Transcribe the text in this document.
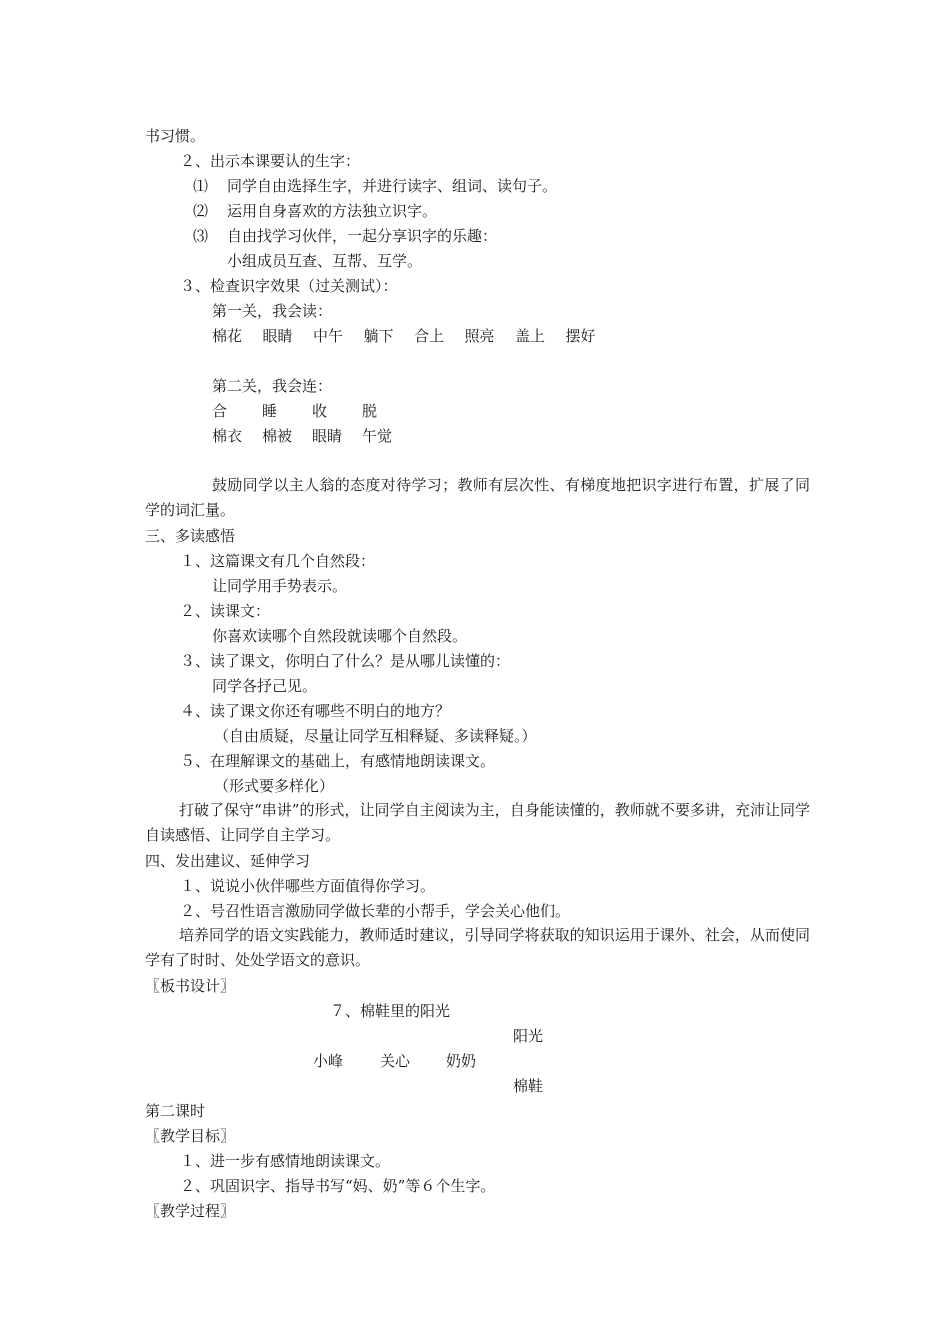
书习惯。
２、出示本课要认的生字：
⑴ 同学自由选择生字，并进行读字、组词、读句子。
⑵ 运用自身喜欢的方法独立识字。
⑶ 自由找学习伙伴，一起分享识字的乐趣：
小组成员互查、互帮、互学。
３、检查识字效果（过关测试）：
第一关，我会读：
棉花 眼睛 中午 躺下 合上 照亮 盖上 摆好
第二关，我会连：
合 睡 收 脱
棉衣 棉被 眼睛 午觉
鼓励同学以主人翁的态度对待学习；教师有层次性、有梯度地把识字进行布置，扩展了同学的词汇量。
三、多读感悟
１、这篇课文有几个自然段：
让同学用手势表示。
２、读课文：
你喜欢读哪个自然段就读哪个自然段。
３、读了课文，你明白了什么？是从哪儿读懂的：
同学各抒己见。
４、读了课文你还有哪些不明白的地方？
（自由质疑，尽量让同学互相释疑、多读释疑。）
５、在理解课文的基础上，有感情地朗读课文。
（形式要多样化）
打破了保守“串讲”的形式，让同学自主阅读为主，自身能读懂的，教师就不要多讲，充沛让同学自读感悟、让同学自主学习。
四、发出建议、延伸学习
１、说说小伙伴哪些方面值得你学习。
２、号召性语言激励同学做长辈的小帮手，学会关心他们。
培养同学的语文实践能力，教师适时建议，引导同学将获取的知识运用于课外、社会，从而使同学有了时时、处处学语文的意识。
〖板书设计〗
７、棉鞋里的阳光
阳光
小峰 关心 奶奶
棉鞋
第二课时
〖教学目标〗
１、进一步有感情地朗读课文。
２、巩固识字、指导书写“妈、奶”等６个生字。
〖教学过程〗
